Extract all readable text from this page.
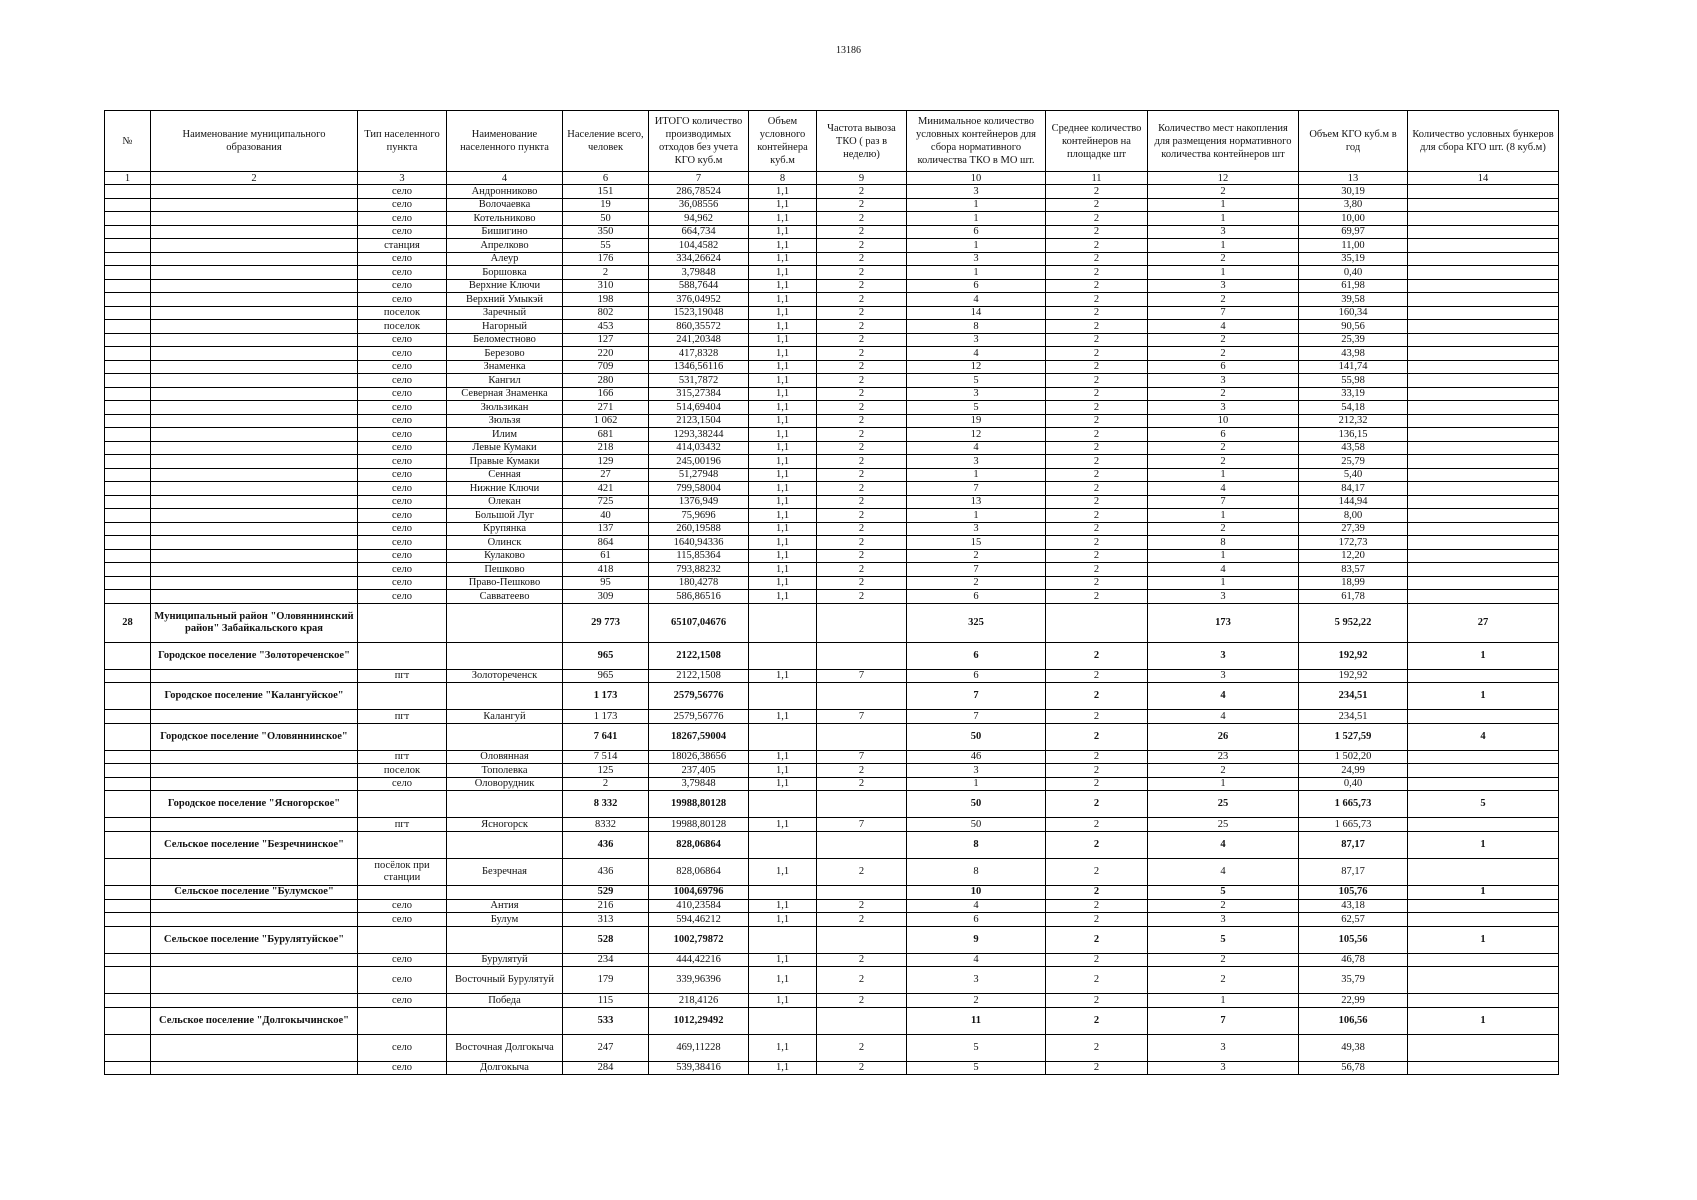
13186
№	Наименование муниципального образования	Тип населенного пункта	Наименование населенного пункта	Население всего, человек	ИТОГО количество производимых отходов без учета КГО куб.м	Объем условного контейнера куб.м	Частота вывоза ТКО ( раз в неделю)	Минимальное количество условных контейнеров для сбора нормативного количества ТКО в МО шт.	Среднее количество контейнеров на площадке шт	Количество мест накопления для размещения нормативного количества контейнеров шт	Объем КГО куб.м в год	Количество условных бункеров для сбора КГО шт. (8 куб.м)
1	2	3	4	6	7	8	9	10	11	12	13	14
		село	Андронниково	151	286,78524	1,1	2	3	2	2	30,19	
		село	Волочаевка	19	36,08556	1,1	2	1	2	1	3,80	
		село	Котельниково	50	94,962	1,1	2	1	2	1	10,00	
		село	Бишигино	350	664,734	1,1	2	6	2	3	69,97	
		станция	Апрелково	55	104,4582	1,1	2	1	2	1	11,00	
		село	Алеур	176	334,26624	1,1	2	3	2	2	35,19	
		село	Боршовка	2	3,79848	1,1	2	1	2	1	0,40	
		село	Верхние Ключи	310	588,7644	1,1	2	6	2	3	61,98	
		село	Верхний Умыкэй	198	376,04952	1,1	2	4	2	2	39,58	
		поселок	Заречный	802	1523,19048	1,1	2	14	2	7	160,34	
		поселок	Нагорный	453	860,35572	1,1	2	8	2	4	90,56	
		село	Беломестново	127	241,20348	1,1	2	3	2	2	25,39	
		село	Березово	220	417,8328	1,1	2	4	2	2	43,98	
		село	Знаменка	709	1346,56116	1,1	2	12	2	6	141,74	
		село	Кангил	280	531,7872	1,1	2	5	2	3	55,98	
		село	Северная Знаменка	166	315,27384	1,1	2	3	2	2	33,19	
		село	Зюльзикан	271	514,69404	1,1	2	5	2	3	54,18	
		село	Зюльзя	1 062	2123,1504	1,1	2	19	2	10	212,32	
		село	Илим	681	1293,38244	1,1	2	12	2	6	136,15	
		село	Левые Кумаки	218	414,03432	1,1	2	4	2	2	43,58	
		село	Правые Кумаки	129	245,00196	1,1	2	3	2	2	25,79	
		село	Сенная	27	51,27948	1,1	2	1	2	1	5,40	
		село	Нижние Ключи	421	799,58004	1,1	2	7	2	4	84,17	
		село	Олекан	725	1376,949	1,1	2	13	2	7	144,94	
		село	Большой Луг	40	75,9696	1,1	2	1	2	1	8,00	
		село	Крупянка	137	260,19588	1,1	2	3	2	2	27,39	
		село	Олинск	864	1640,94336	1,1	2	15	2	8	172,73	
		село	Кулаково	61	115,85364	1,1	2	2	2	1	12,20	
		село	Пешково	418	793,88232	1,1	2	7	2	4	83,57	
		село	Право-Пешково	95	180,4278	1,1	2	2	2	1	18,99	
		село	Савватеево	309	586,86516	1,1	2	6	2	3	61,78	
28	Муниципальный район "Оловяннинский район" Забайкальского края			29 773	65107,04676			325		173	5 952,22	27
	Городское поселение "Золотореченское"			965	2122,1508			6	2	3	192,92	1
		пгт	Золотореченск	965	2122,1508	1,1	7	6	2	3	192,92	
	Городское поселение "Калангуйское"			1 173	2579,56776			7	2	4	234,51	1
		пгт	Калангуй	1 173	2579,56776	1,1	7	7	2	4	234,51	
	Городское поселение "Оловяннинское"			7 641	18267,59004			50	2	26	1 527,59	4
		пгт	Оловянная	7 514	18026,38656	1,1	7	46	2	23	1 502,20	
		поселок	Тополевка	125	237,405	1,1	2	3	2	2	24,99	
		село	Оловорудник	2	3,79848	1,1	2	1	2	1	0,40	
	Городское поселение "Ясногорское"			8 332	19988,80128			50	2	25	1 665,73	5
		пгт	Ясногорск	8332	19988,80128	1,1	7	50	2	25	1 665,73	
	Сельское поселение "Безречнинское"			436	828,06864			8	2	4	87,17	1
		посёлок при станции	Безречная	436	828,06864	1,1	2	8	2	4	87,17	
	Сельское поселение "Булумское"			529	1004,69796			10	2	5	105,76	1
		село	Антия	216	410,23584	1,1	2	4	2	2	43,18	
		село	Булум	313	594,46212	1,1	2	6	2	3	62,57	
	Сельское поселение "Бурулятуйское"			528	1002,79872			9	2	5	105,56	1
		село	Бурулятуй	234	444,42216	1,1	2	4	2	2	46,78	
		село	Восточный Бурулятуй	179	339,96396	1,1	2	3	2	2	35,79	
		село	Победа	115	218,4126	1,1	2	2	2	1	22,99	
	Сельское поселение "Долгокычинское"			533	1012,29492			11	2	7	106,56	1
		село	Восточная Долгокыча	247	469,11228	1,1	2	5	2	3	49,38	
		село	Долгокыча	284	539,38416	1,1	2	5	2	3	56,78	
